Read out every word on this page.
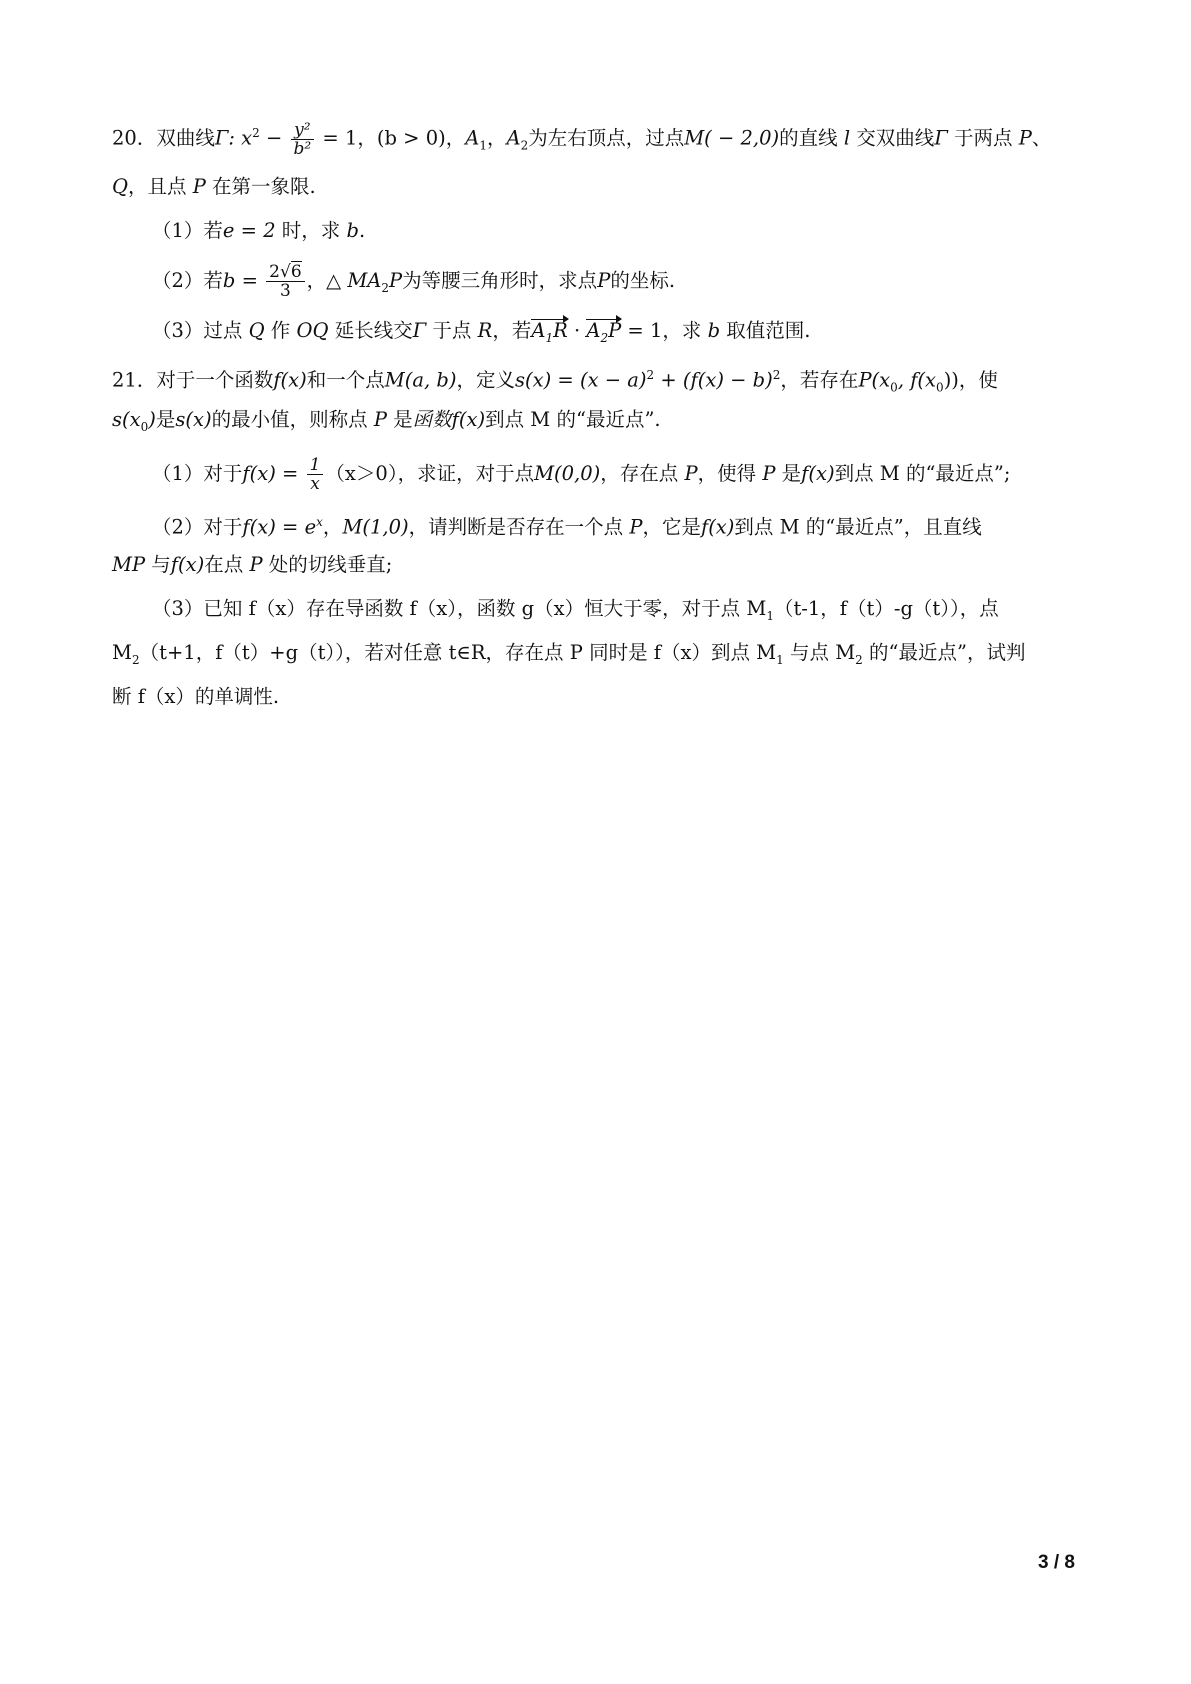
20．双曲线Γ: $x^2 - \frac{\text{y²}}{\text{b²}} = 1$，(b > 0)，$A_1$，$A_2$为左右顶点，过点M( − 2,0)的直线 l 交双曲线Γ 于两点 P、
Q，且点 P 在第一象限.
（1）若e = 2 时，求 b.
（2）若$b = \frac{2√6}{3}$ ，△ $MA_2P$为等腰三角形时，求点P的坐标.
（3）过点 Q 作 OQ 延长线交Γ 于点 R，若$A_1R \cdot A_2P = 1$，求 b 取值范围.
21．对于一个函数f(x)和一个点M(a, b)，定义$s(x) = (x - a)^2 + (f(x) - b)^2$，若存在$P(x_0$, $f(x_0)$)，使
$s(x_0)$是s(x)的最小值，则称点 P 是函数f(x)到点 M 的“最近点”.
（1）对于$f(x) = \frac{1}{x} (x>0)$，求证，对于点M(0,0)，存在点 P，使得 P 是f(x)到点 M 的“最近点”;
（2）对于$f(x) = e^x$，M(1,0)，请判断是否存在一个点 P，它是f(x)到点 M 的“最近点”，且直线
MP 与f(x)在点 P 处的切线垂直;
（3）已知 f（x）存在导函数 f（x），函数 g（x）恒大于零，对于点 $M_1(t-1$，f（t）-g（t）），点
$M_2(t+1$，f（t）+g（t）），若对任意 t∈R，存在点 P 同时是 f（x）到点 $M_1$ 与点 $M_2$ 的“最近点”，试判
断 f（x）的单调性.
3 / 8
